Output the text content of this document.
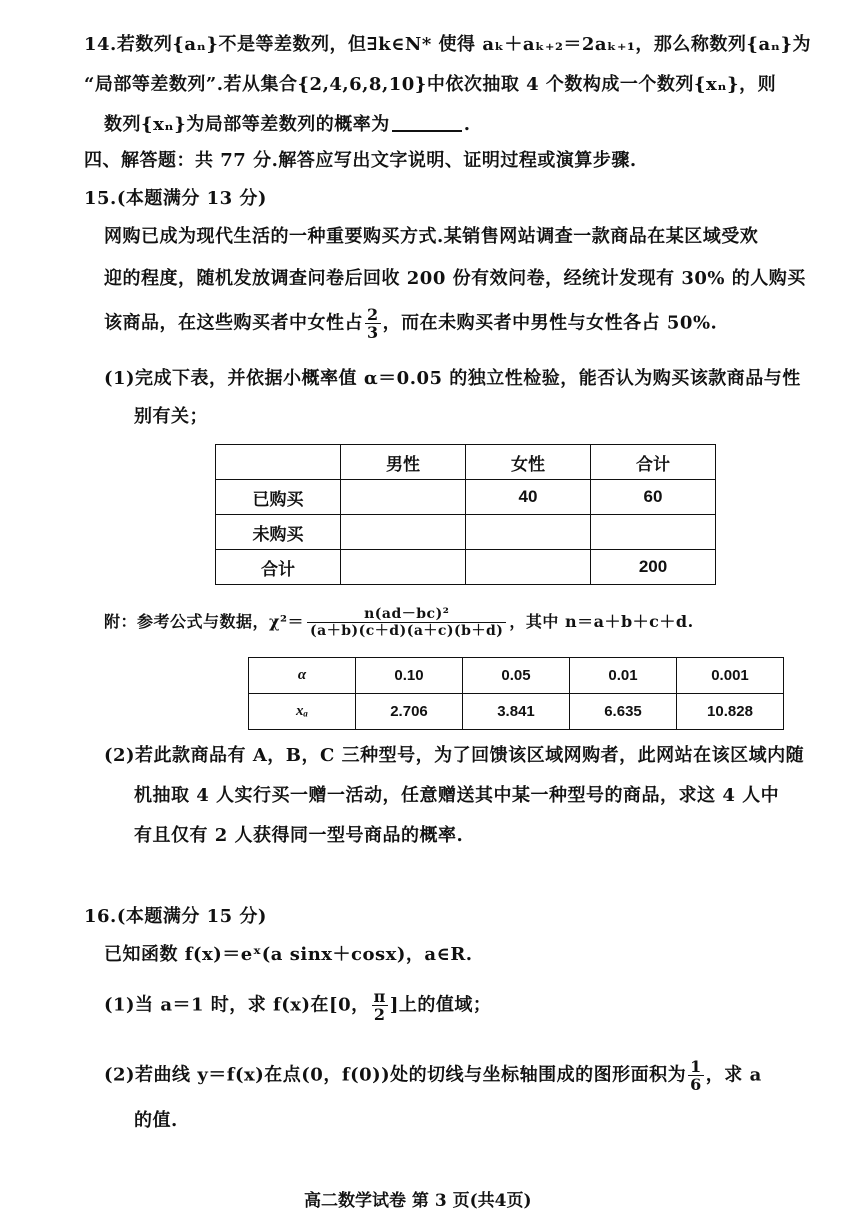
14.若数列{aₙ}不是等差数列，但∃k∈N* 使得 aₖ＋aₖ₊₂＝2aₖ₊₁，那么称数列{aₙ}为
“局部等差数列”.若从集合{2,4,6,8,10}中依次抽取 4 个数构成一个数列{xₙ}，则
数列{xₙ}为局部等差数列的概率为	.
四、解答题：共 77 分.解答应写出文字说明、证明过程或演算步骤.
15.(本题满分 13 分)
网购已成为现代生活的一种重要购买方式.某销售网站调查一款商品在某区域受欢
迎的程度，随机发放调查问卷后回收 200 份有效问卷，经统计发现有 30% 的人购买
该商品，在这些购买者中女性占 $\frac{2}{3}$ ，而在未购买者中男性与女性各占 50%.
(1)完成下表，并依据小概率值 α＝0.05 的独立性检验，能否认为购买该款商品与性
别有关；
	男性	女性	合计
已购买		40	60
未购买			
合计			200
附：参考公式与数据，$\chi^2= \frac{\text{n(ad－bc)²}}{(a+b)(c+d)(a+c)(b+d)}$ ，其中 n＝a＋b＋c＋d.
α	0.10	0.05	0.01	0.001
xₐ	2.706	3.841	6.635	10.828
(2)若此款商品有 A，B，C 三种型号，为了回馈该区域网购者，此网站在该区域内随
机抽取 4 人实行买一赠一活动，任意赠送其中某一种型号的商品，求这 4 人中
有且仅有 2 人获得同一型号商品的概率.
16.(本题满分 15 分)
已知函数 f(x)＝eˣ(a sinx＋cosx)，a∈R.
(1)当 a＝1 时，求 f(x)在[0， $\frac{\pi}{2}$ ]上的值域；
(2)若曲线 y＝f(x)在点(0，f(0))处的切线与坐标轴围成的图形面积为 $\frac{1}{6}$ ，求 a
的值.
高二数学试卷 第 3 页(共4页)
